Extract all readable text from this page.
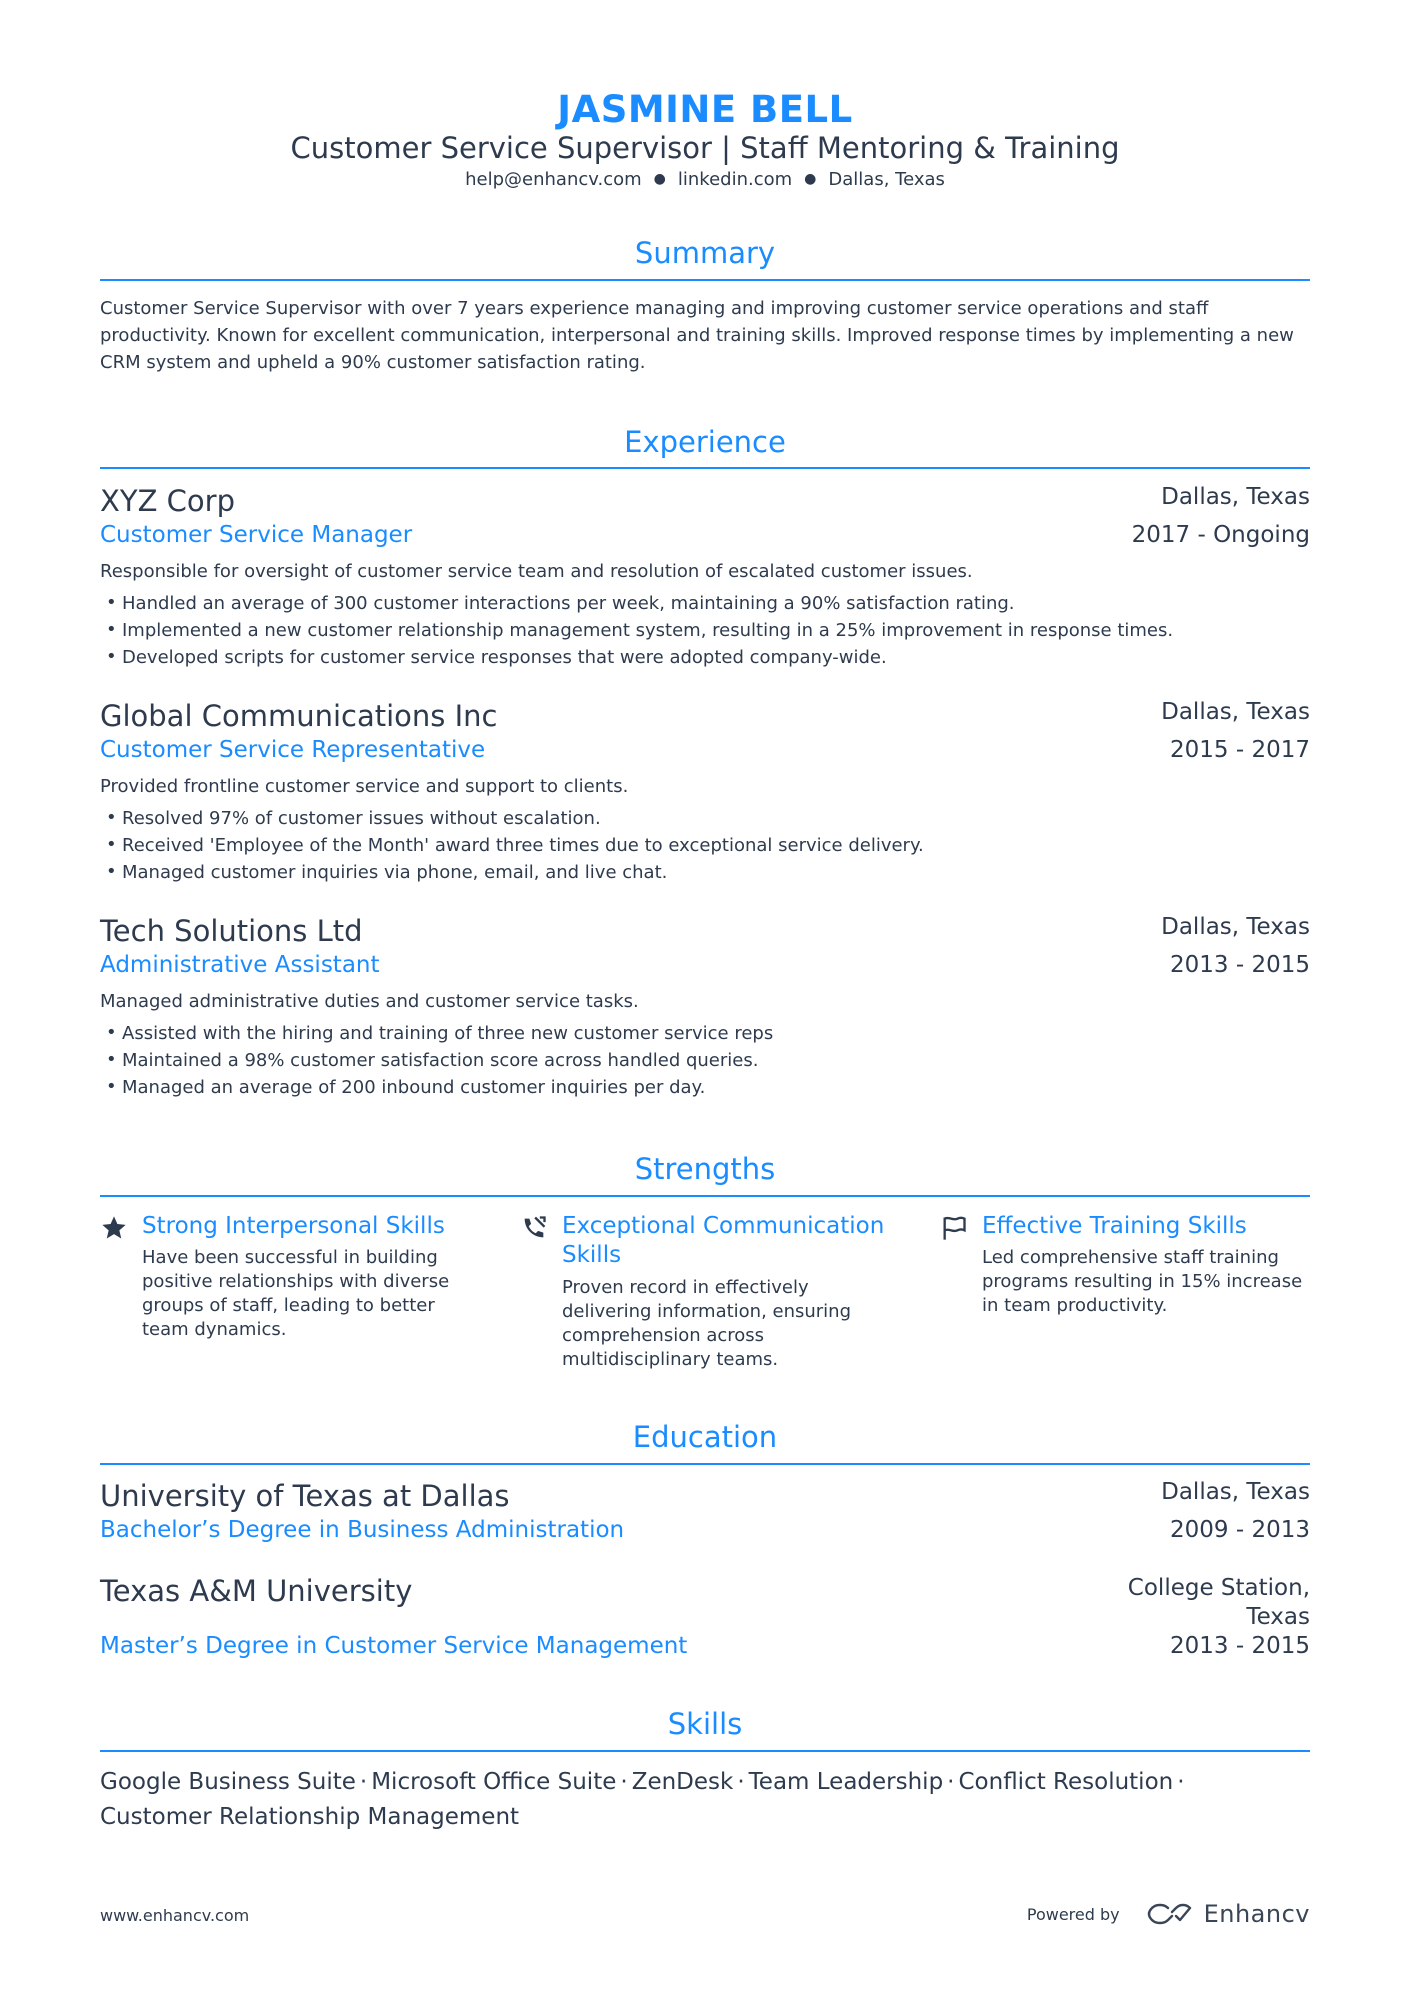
JASMINE BELL
Customer Service Supervisor | Staff Mentoring & Training
help@enhancv.com ● linkedin.com ● Dallas, Texas
Summary
Customer Service Supervisor with over 7 years experience managing and improving customer service operations and staff
productivity. Known for excellent communication, interpersonal and training skills. Improved response times by implementing a new
CRM system and upheld a 90% customer satisfaction rating.
Experience
XYZ Corp	Dallas, Texas
Customer Service Manager	2017 - Ongoing
Responsible for oversight of customer service team and resolution of escalated customer issues.
• Handled an average of 300 customer interactions per week, maintaining a 90% satisfaction rating.
• Implemented a new customer relationship management system, resulting in a 25% improvement in response times.
• Developed scripts for customer service responses that were adopted company-wide.
Global Communications Inc	Dallas, Texas
Customer Service Representative	2015 - 2017
Provided frontline customer service and support to clients.
• Resolved 97% of customer issues without escalation.
• Received 'Employee of the Month' award three times due to exceptional service delivery.
• Managed customer inquiries via phone, email, and live chat.
Tech Solutions Ltd	Dallas, Texas
Administrative Assistant	2013 - 2015
Managed administrative duties and customer service tasks.
• Assisted with the hiring and training of three new customer service reps
• Maintained a 98% customer satisfaction score across handled queries.
• Managed an average of 200 inbound customer inquiries per day.
Strengths
Strong Interpersonal Skills
Have been successful in building
positive relationships with diverse
groups of staff, leading to better
team dynamics.
Exceptional Communication
Skills
Proven record in effectively
delivering information, ensuring
comprehension across
multidisciplinary teams.
Effective Training Skills
Led comprehensive staff training
programs resulting in 15% increase
in team productivity.
Education
University of Texas at Dallas	Dallas, Texas
Bachelor’s Degree in Business Administration	2009 - 2013
Texas A&M University	College Station,
Texas
Master’s Degree in Customer Service Management	2013 - 2015
Skills
Google Business Suite · Microsoft Office Suite · ZenDesk · Team Leadership · Conflict Resolution ·
Customer Relationship Management
www.enhancv.com	Powered by	Enhancv
